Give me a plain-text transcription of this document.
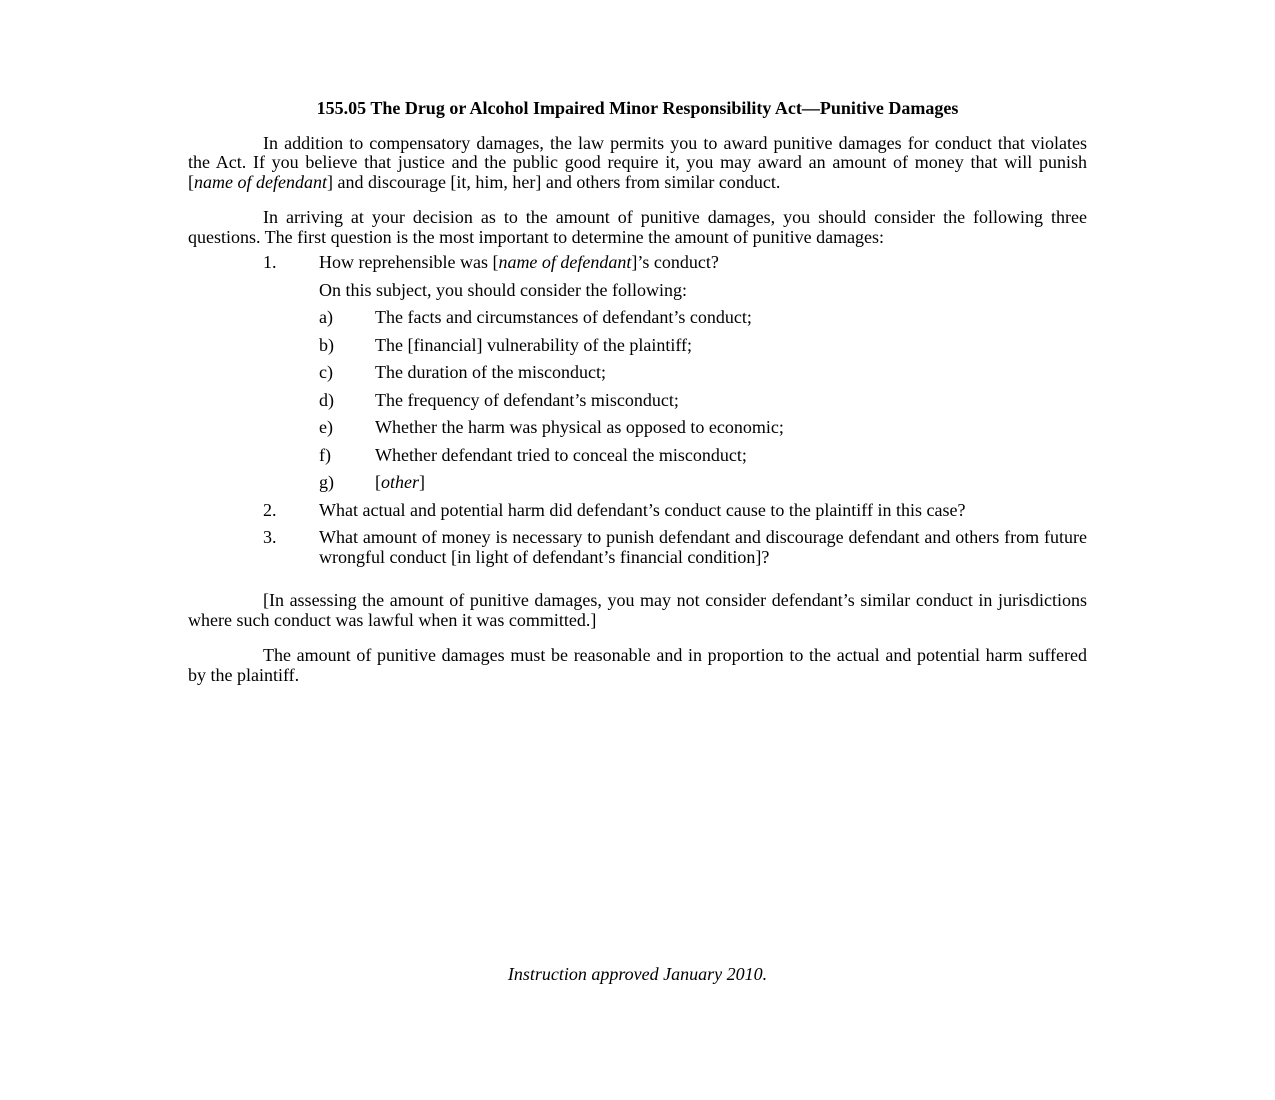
155.05 The Drug or Alcohol Impaired Minor Responsibility Act—Punitive Damages

In addition to compensatory damages, the law permits you to award punitive damages for conduct that violates the Act. If you believe that justice and the public good require it, you may award an amount of money that will punish [name of defendant] and discourage [it, him, her] and others from similar conduct.

In arriving at your decision as to the amount of punitive damages, you should consider the following three questions. The first question is the most important to determine the amount of punitive damages:

1. How reprehensible was [name of defendant]’s conduct?
On this subject, you should consider the following:
a) The facts and circumstances of defendant’s conduct;
b) The [financial] vulnerability of the plaintiff;
c) The duration of the misconduct;
d) The frequency of defendant’s misconduct;
e) Whether the harm was physical as opposed to economic;
f) Whether defendant tried to conceal the misconduct;
g) [other]
2. What actual and potential harm did defendant’s conduct cause to the plaintiff in this case?
3. What amount of money is necessary to punish defendant and discourage defendant and others from future wrongful conduct [in light of defendant’s financial condition]?

[In assessing the amount of punitive damages, you may not consider defendant’s similar conduct in jurisdictions where such conduct was lawful when it was committed.]

The amount of punitive damages must be reasonable and in proportion to the actual and potential harm suffered by the plaintiff.

Instruction approved January 2010.
